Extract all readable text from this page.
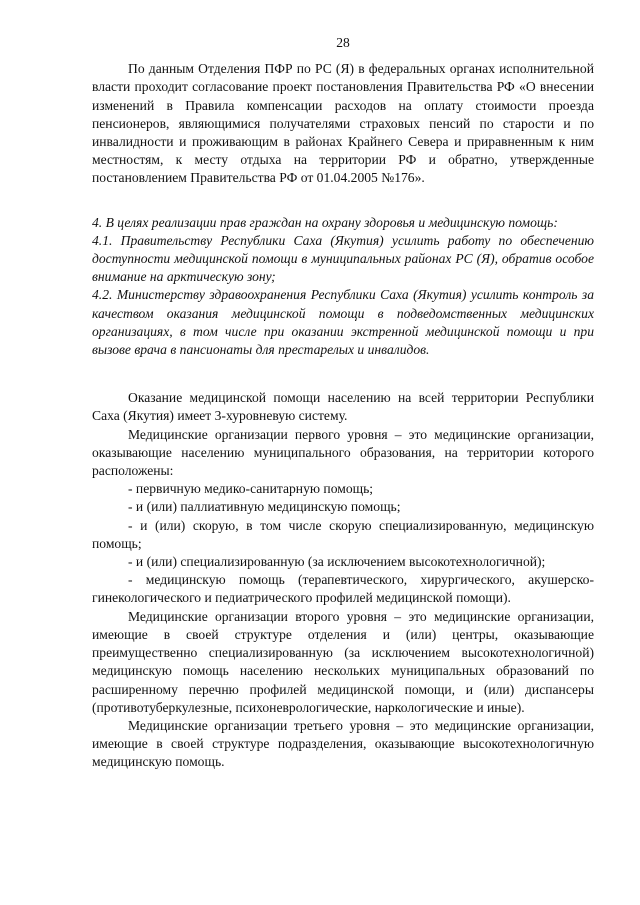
28

По данным Отделения ПФР по РС (Я) в федеральных органах исполнительной власти проходит согласование проект постановления Правительства РФ «О внесении изменений в Правила компенсации расходов на оплату стоимости проезда пенсионеров, являющимися получателями страховых пенсий по старости и по инвалидности и проживающим в районах Крайнего Севера и приравненным к ним местностям, к месту отдыха на территории РФ и обратно, утвержденные постановлением Правительства РФ от 01.04.2005 №176».

4. В целях реализации прав граждан на охрану здоровья и медицинскую помощь:

4.1. Правительству Республики Саха (Якутия) усилить работу по обеспечению доступности медицинской помощи в муниципальных районах РС (Я), обратив особое внимание на арктическую зону;

4.2. Министерству здравоохранения Республики Саха (Якутия) усилить контроль за качеством оказания медицинской помощи в подведомственных медицинских организациях, в том числе при оказании экстренной медицинской помощи и при вызове врача в пансионаты для престарелых и инвалидов.

Оказание медицинской помощи населению на всей территории Республики Саха (Якутия) имеет 3-хуровневую систему.

Медицинские организации первого уровня – это медицинские организации, оказывающие населению муниципального образования, на территории которого расположены:

- первичную медико-санитарную помощь;

- и (или) паллиативную медицинскую помощь;

- и (или) скорую, в том числе скорую специализированную, медицинскую помощь;

- и (или) специализированную (за исключением высокотехнологичной);

- медицинскую помощь (терапевтического, хирургического, акушерско-гинекологического и педиатрического профилей медицинской помощи).

Медицинские организации второго уровня – это медицинские организации, имеющие в своей структуре отделения и (или) центры, оказывающие преимущественно специализированную (за исключением высокотехнологичной) медицинскую помощь населению нескольких муниципальных образований по расширенному перечню профилей медицинской помощи, и (или) диспансеры (противотуберкулезные, психоневрологические, наркологические и иные).

Медицинские организации третьего уровня – это медицинские организации, имеющие в своей структуре подразделения, оказывающие высокотехнологичную медицинскую помощь.
